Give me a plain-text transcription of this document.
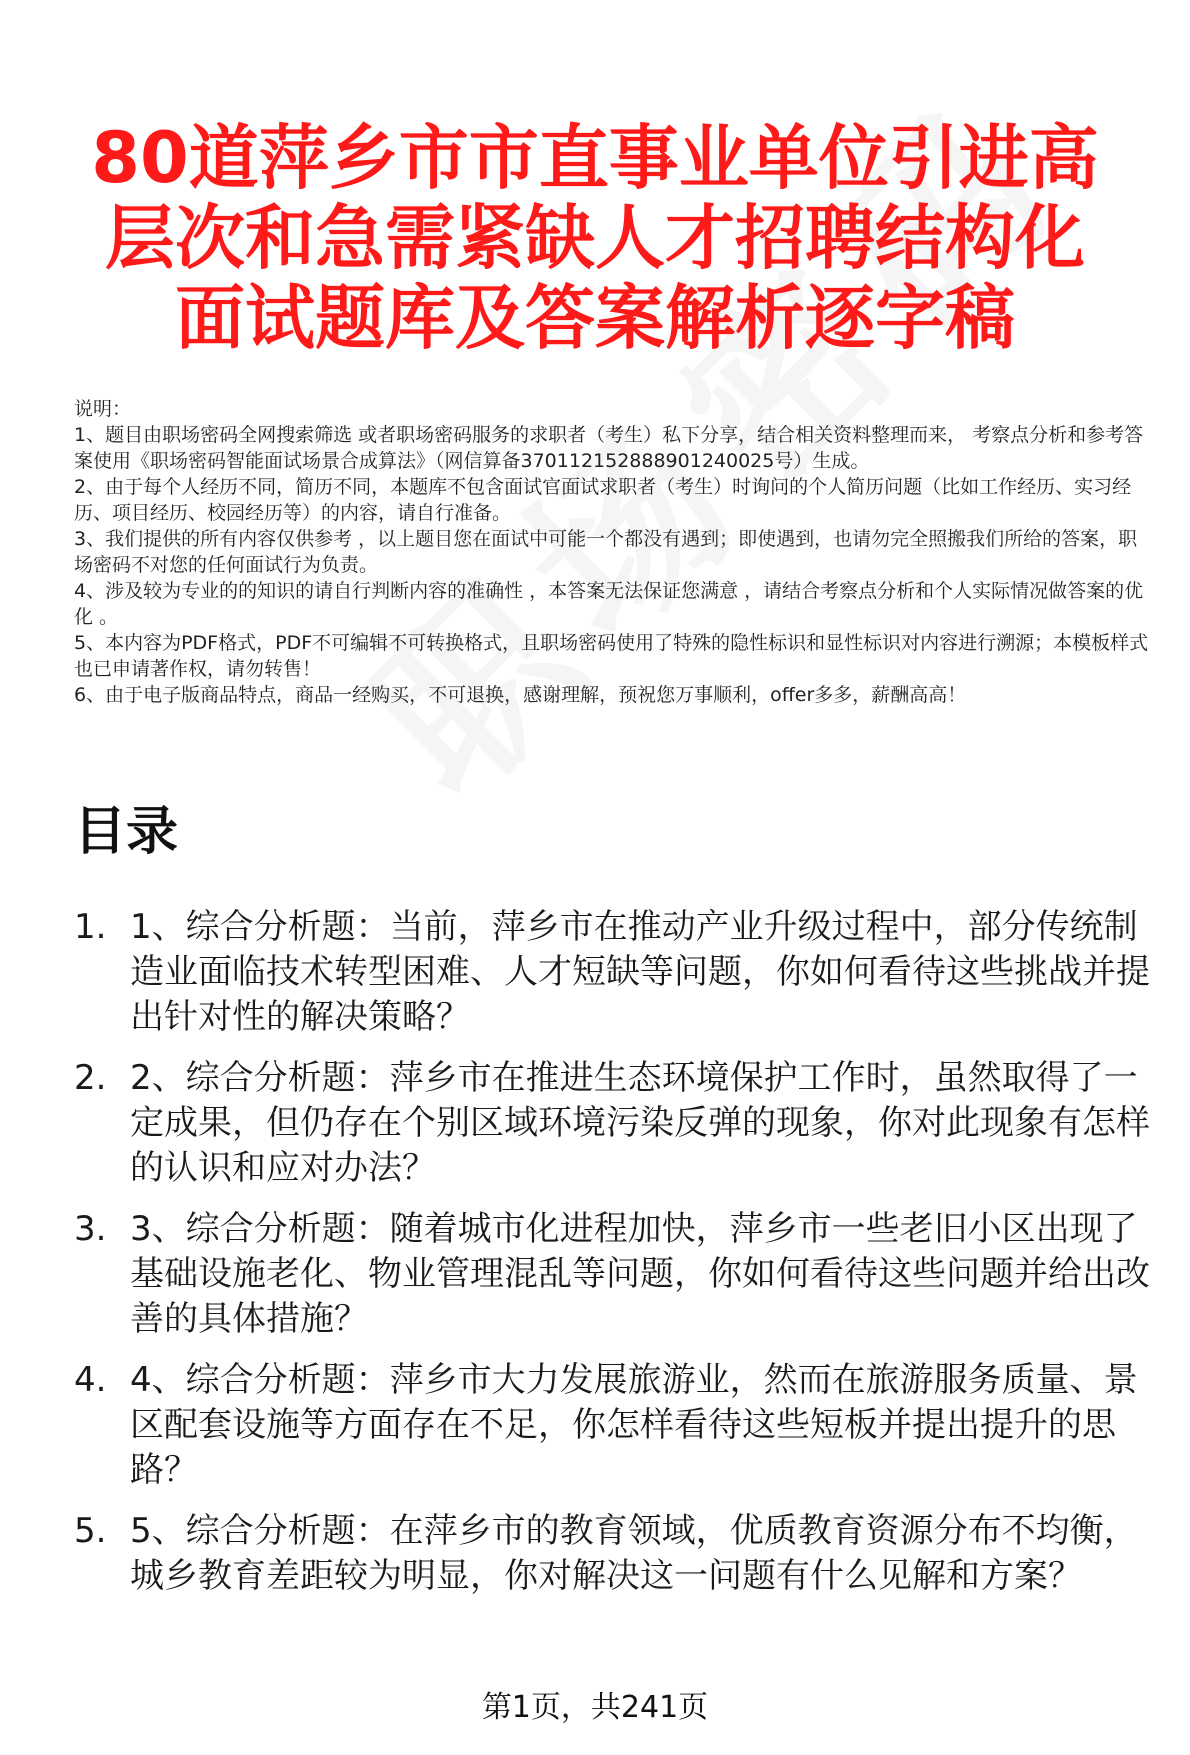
80道萍乡市市直事业单位引进高层次和急需紧缺人才招聘结构化面试题库及答案解析逐字稿

说明：

1、题目由职场密码全网搜索筛选 或者职场密码服务的求职者（考生）私下分享，结合相关资料整理而来， 考察点分析和参考答案使用《职场密码智能面试场景合成算法》（网信算备370112152888901240025号）生成。

2、由于每个人经历不同，简历不同，本题库不包含面试官面试求职者（考生）时询问的个人简历问题（比如工作经历、实习经历、项目经历、校园经历等）的内容，请自行准备。

3、我们提供的所有内容仅供参考 ，以上题目您在面试中可能一个都没有遇到；即使遇到，也请勿完全照搬我们所给的答案，职场密码不对您的任何面试行为负责。

4、涉及较为专业的的知识的请自行判断内容的准确性 ，本答案无法保证您满意 ，请结合考察点分析和个人实际情况做答案的优化 。

5、本内容为PDF格式，PDF不可编辑不可转换格式，且职场密码使用了特殊的隐性标识和显性标识对内容进行溯源；本模板样式也已申请著作权，请勿转售！

6、由于电子版商品特点，商品一经购买，不可退换，感谢理解，预祝您万事顺利，offer多多，薪酬高高！

目录
1. 1、综合分析题：当前，萍乡市在推动产业升级过程中，部分传统制造业面临技术转型困难、人才短缺等问题，你如何看待这些挑战并提出针对性的解决策略？
2. 2、综合分析题：萍乡市在推进生态环境保护工作时，虽然取得了一定成果，但仍存在个别区域环境污染反弹的现象，你对此现象有怎样的认识和应对办法？
3. 3、综合分析题：随着城市化进程加快，萍乡市一些老旧小区出现了基础设施老化、物业管理混乱等问题，你如何看待这些问题并给出改善的具体措施？
4. 4、综合分析题：萍乡市大力发展旅游业，然而在旅游服务质量、景区配套设施等方面存在不足，你怎样看待这些短板并提出提升的思路？
5. 5、综合分析题：在萍乡市的教育领域，优质教育资源分布不均衡，城乡教育差距较为明显，你对解决这一问题有什么见解和方案？
第1页，共241页
